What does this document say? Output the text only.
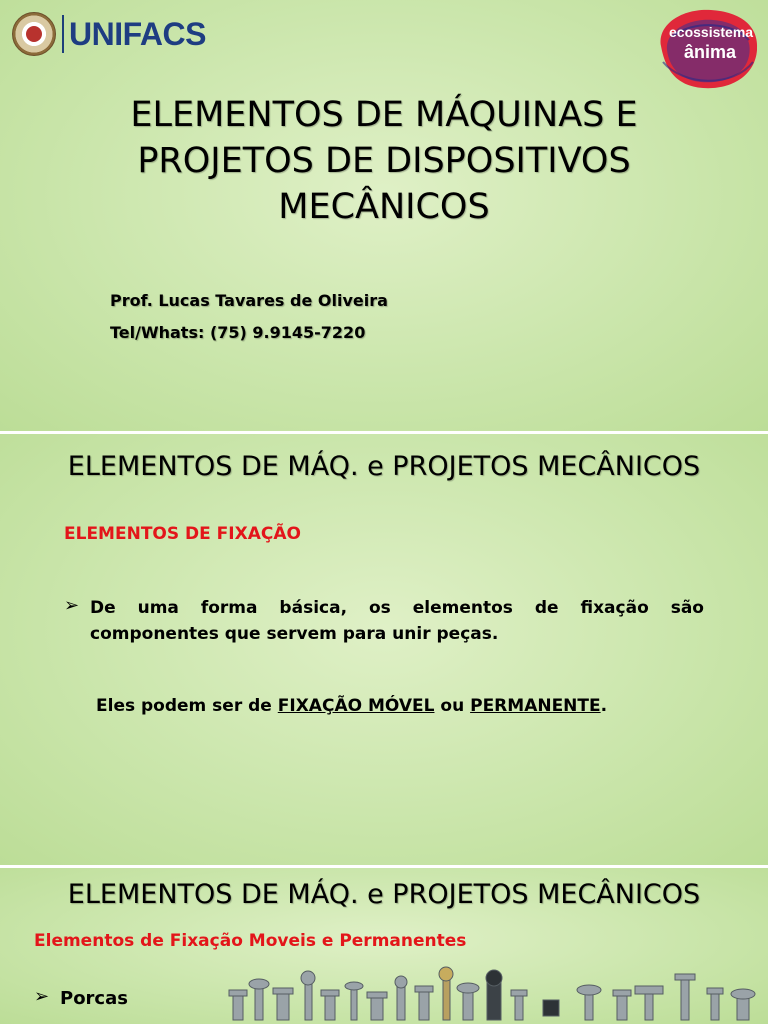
UNIFACS	ecossistema
ânima
ELEMENTOS DE MÁQUINAS E
PROJETOS DE DISPOSITIVOS
MECÂNICOS
Prof. Lucas Tavares de Oliveira
Tel/Whats: (75) 9.9145-7220
ELEMENTOS DE MÁQ. e PROJETOS MECÂNICOS
ELEMENTOS DE FIXAÇÃO
➢ De uma forma básica, os elementos de fixação são componentes que servem para unir peças.
Eles podem ser de FIXAÇÃO MÓVEL ou PERMANENTE.
ELEMENTOS DE MÁQ. e PROJETOS MECÂNICOS
Elementos de Fixação Moveis e Permanentes
➢ Porcas
